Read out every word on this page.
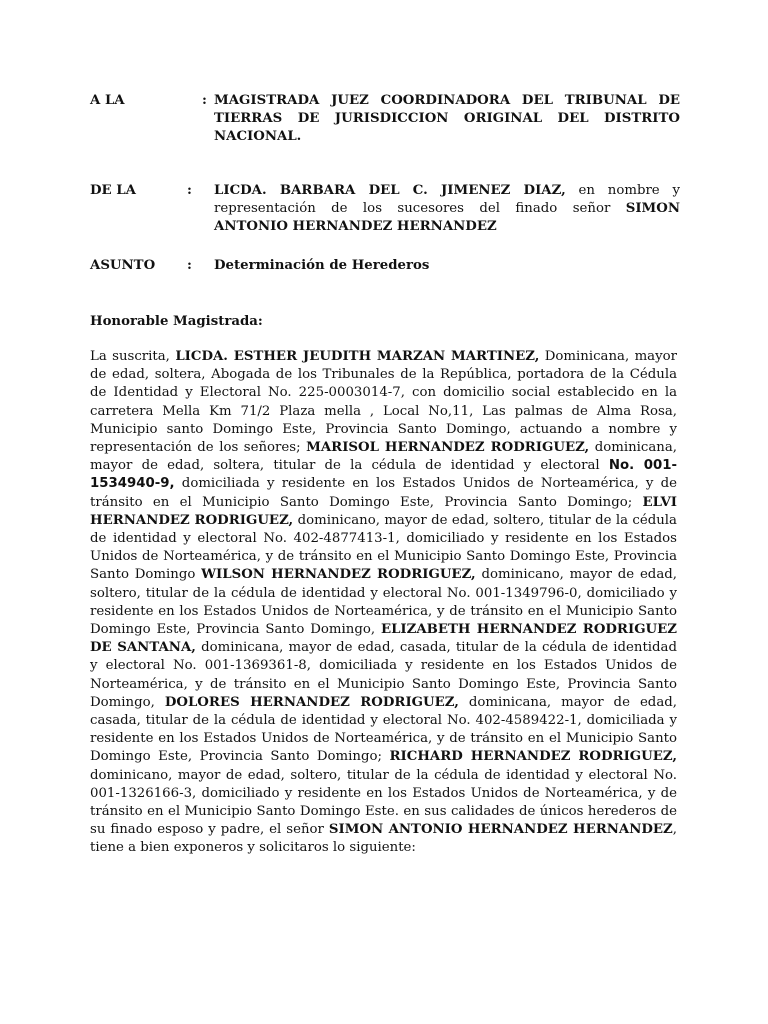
A LA	: MAGISTRADA JUEZ COORDINADORA DEL TRIBUNAL DE TIERRAS DE JURISDICCION ORIGINAL DEL DISTRITO NACIONAL.
DE LA	: LICDA. BARBARA DEL C. JIMENEZ DIAZ, en nombre y representación de los sucesores del finado señor SIMON ANTONIO HERNANDEZ HERNANDEZ
ASUNTO	: Determinación de Herederos
Honorable Magistrada:
La suscrita, LICDA. ESTHER JEUDITH MARZAN MARTINEZ, Dominicana, mayor de edad, soltera, Abogada de los Tribunales de la República, portadora de la Cédula de Identidad y Electoral No. 225-0003014-7, con domicilio social establecido en la carretera Mella Km 71/2 Plaza mella , Local No,11, Las palmas de Alma Rosa, Municipio santo Domingo Este, Provincia Santo Domingo, actuando a nombre y representación de los señores; MARISOL HERNANDEZ RODRIGUEZ, dominicana, mayor de edad, soltera, titular de la cédula de identidad y electoral No. 001-1534940-9, domiciliada y residente en los Estados Unidos de Norteamérica, y de tránsito en el Municipio Santo Domingo Este, Provincia Santo Domingo; ELVI HERNANDEZ RODRIGUEZ, dominicano, mayor de edad, soltero, titular de la cédula de identidad y electoral No. 402-4877413-1, domiciliado y residente en los Estados Unidos de Norteamérica, y de tránsito en el Municipio Santo Domingo Este, Provincia Santo Domingo WILSON HERNANDEZ RODRIGUEZ, dominicano, mayor de edad, soltero, titular de la cédula de identidad y electoral No. 001-1349796-0, domiciliado y residente en los Estados Unidos de Norteamérica, y de tránsito en el Municipio Santo Domingo Este, Provincia Santo Domingo, ELIZABETH HERNANDEZ RODRIGUEZ DE SANTANA, dominicana, mayor de edad, casada, titular de la cédula de identidad y electoral No. 001-1369361-8, domiciliada y residente en los Estados Unidos de Norteamérica, y de tránsito en el Municipio Santo Domingo Este, Provincia Santo Domingo, DOLORES HERNANDEZ RODRIGUEZ, dominicana, mayor de edad, casada, titular de la cédula de identidad y electoral No. 402-4589422-1, domiciliada y residente en los Estados Unidos de Norteamérica, y de tránsito en el Municipio Santo Domingo Este, Provincia Santo Domingo; RICHARD HERNANDEZ RODRIGUEZ, dominicano, mayor de edad, soltero, titular de la cédula de identidad y electoral No. 001-1326166-3, domiciliado y residente en los Estados Unidos de Norteamérica, y de tránsito en el Municipio Santo Domingo Este. en sus calidades de únicos herederos de su finado esposo y padre, el señor SIMON ANTONIO HERNANDEZ HERNANDEZ, tiene a bien exponeros y solicitaros lo siguiente:
